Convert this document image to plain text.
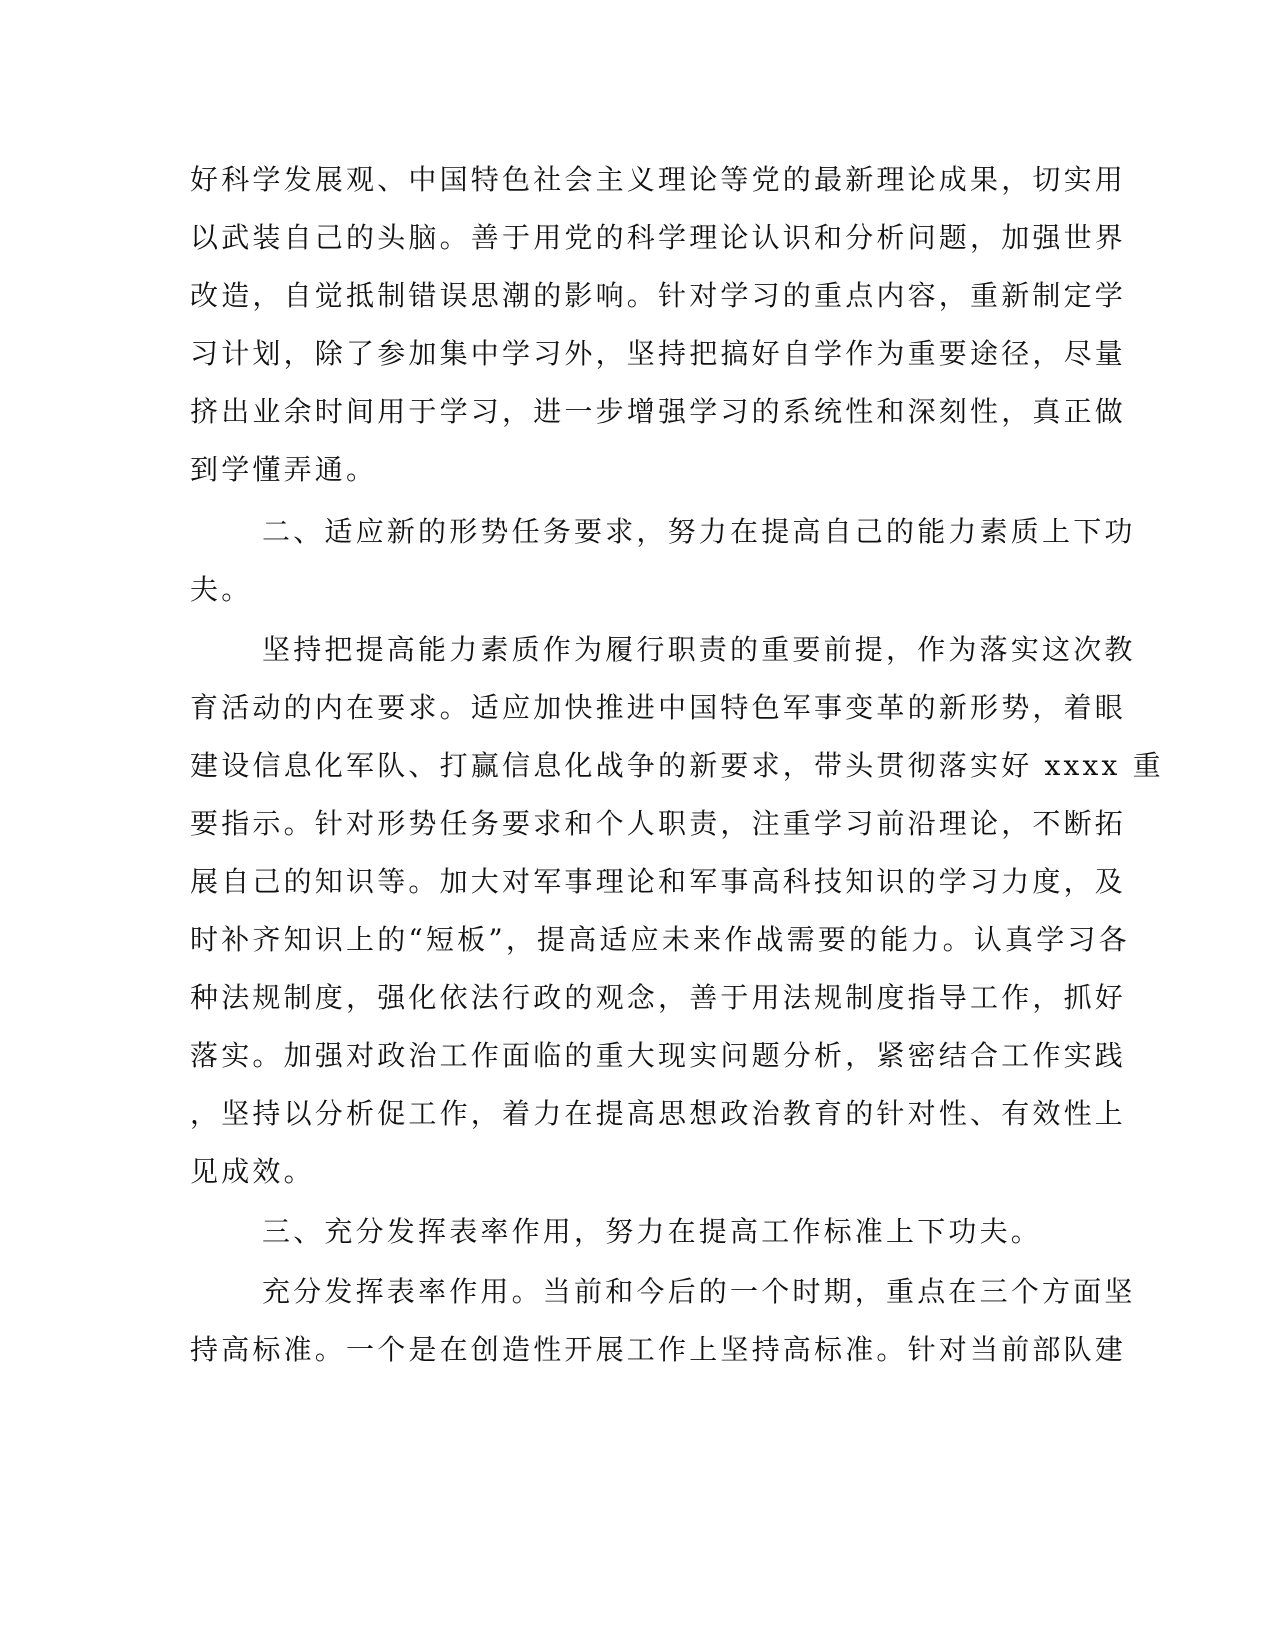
好科学发展观、中国特色社会主义理论等党的最新理论成果，切实用
以武装自己的头脑。善于用党的科学理论认识和分析问题，加强世界
改造，自觉抵制错误思潮的影响。针对学习的重点内容，重新制定学
习计划，除了参加集中学习外，坚持把搞好自学作为重要途径，尽量
挤出业余时间用于学习，进一步增强学习的系统性和深刻性，真正做
到学懂弄通。
二、适应新的形势任务要求，努力在提高自己的能力素质上下功
夫。
坚持把提高能力素质作为履行职责的重要前提，作为落实这次教
育活动的内在要求。适应加快推进中国特色军事变革的新形势，着眼
建设信息化军队、打赢信息化战争的新要求，带头贯彻落实好 xxxx 重
要指示。针对形势任务要求和个人职责，注重学习前沿理论，不断拓
展自己的知识等。加大对军事理论和军事高科技知识的学习力度，及
时补齐知识上的“短板”，提高适应未来作战需要的能力。认真学习各
种法规制度，强化依法行政的观念，善于用法规制度指导工作，抓好
落实。加强对政治工作面临的重大现实问题分析，紧密结合工作实践
，坚持以分析促工作，着力在提高思想政治教育的针对性、有效性上
见成效。
三、充分发挥表率作用，努力在提高工作标准上下功夫。
充分发挥表率作用。当前和今后的一个时期，重点在三个方面坚
持高标准。一个是在创造性开展工作上坚持高标准。针对当前部队建
